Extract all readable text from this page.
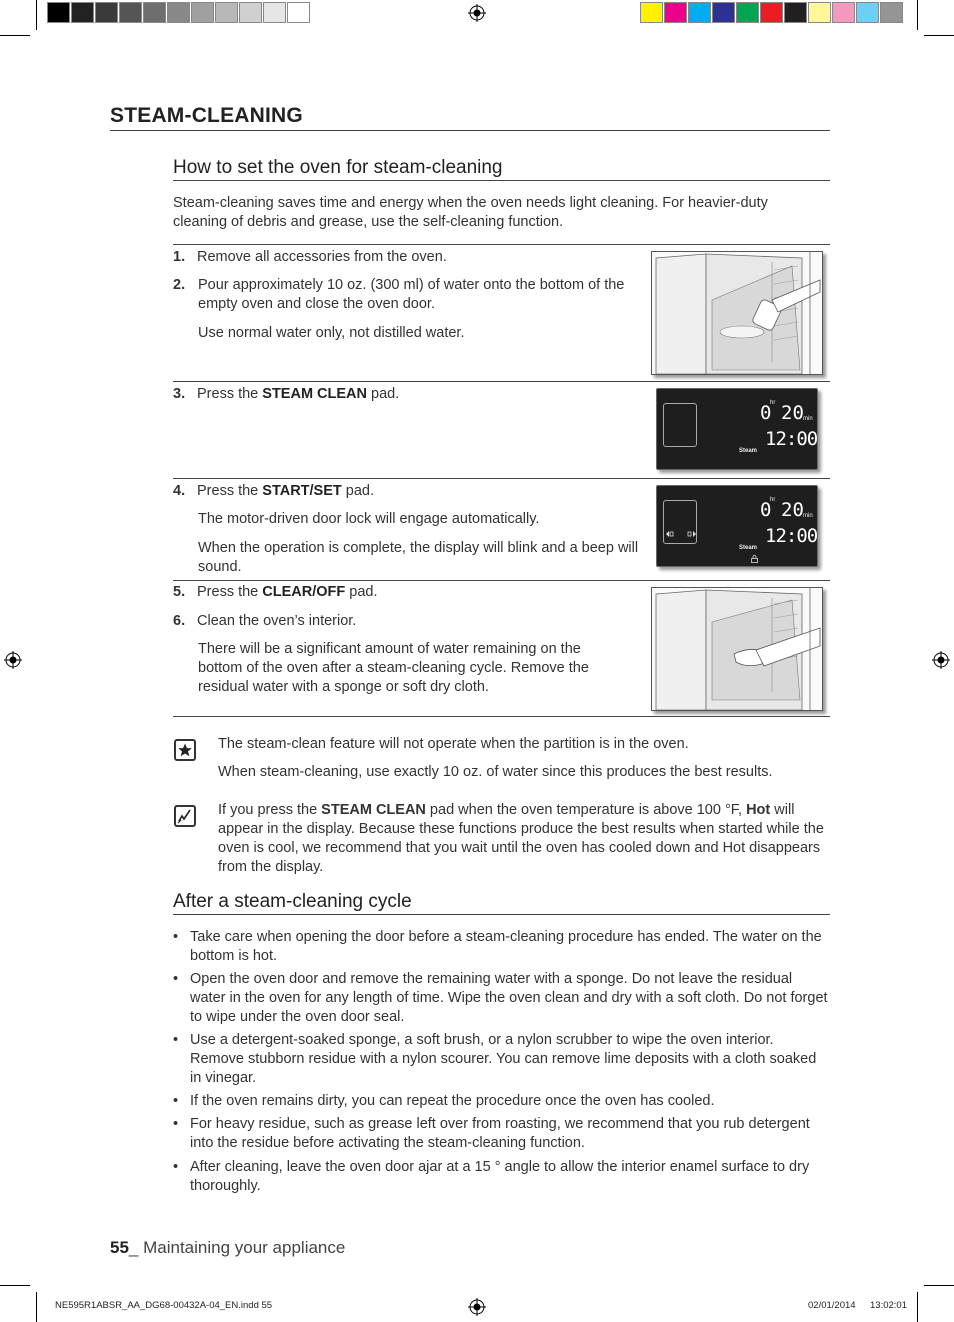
STEAM-CLEANING
How to set the oven for steam-cleaning
Steam-cleaning saves time and energy when the oven needs light cleaning. For heavier-duty cleaning of debris and grease, use the self-cleaning function.
1. Remove all accessories from the oven.
2. Pour approximately 10 oz. (300 ml) of water onto the bottom of the empty oven and close the oven door.
Use normal water only, not distilled water.
3. Press the STEAM CLEAN pad.
hr
0 20 min
12:00
Steam
4. Press the START/SET pad.
The motor-driven door lock will engage automatically.
When the operation is complete, the display will blink and a beep will sound.
hr
0 20 min
12:00
Steam
5. Press the CLEAR/OFF pad.
6. Clean the oven’s interior.
There will be a significant amount of water remaining on the bottom of the oven after a steam-cleaning cycle. Remove the residual water with a sponge or soft dry cloth.
The steam-clean feature will not operate when the partition is in the oven.
When steam-cleaning, use exactly 10 oz. of water since this produces the best results.
If you press the STEAM CLEAN pad when the oven temperature is above 100 °F, Hot will appear in the display. Because these functions produce the best results when started while the oven is cool, we recommend that you wait until the oven has cooled down and Hot disappears from the display.
After a steam-cleaning cycle
• Take care when opening the door before a steam-cleaning procedure has ended. The water on the bottom is hot.
• Open the oven door and remove the remaining water with a sponge. Do not leave the residual water in the oven for any length of time. Wipe the oven clean and dry with a soft cloth. Do not forget to wipe under the oven door seal.
• Use a detergent-soaked sponge, a soft brush, or a nylon scrubber to wipe the oven interior. Remove stubborn residue with a nylon scourer. You can remove lime deposits with a cloth soaked in vinegar.
• If the oven remains dirty, you can repeat the procedure once the oven has cooled.
• For heavy residue, such as grease left over from roasting, we recommend that you rub detergent into the residue before activating the steam-cleaning function.
• After cleaning, leave the oven door ajar at a 15 ° angle to allow the interior enamel surface to dry thoroughly.
55_ Maintaining your appliance
NE595R1ABSR_AA_DG68-00432A-04_EN.indd 55	02/01/2014 13:02:01
